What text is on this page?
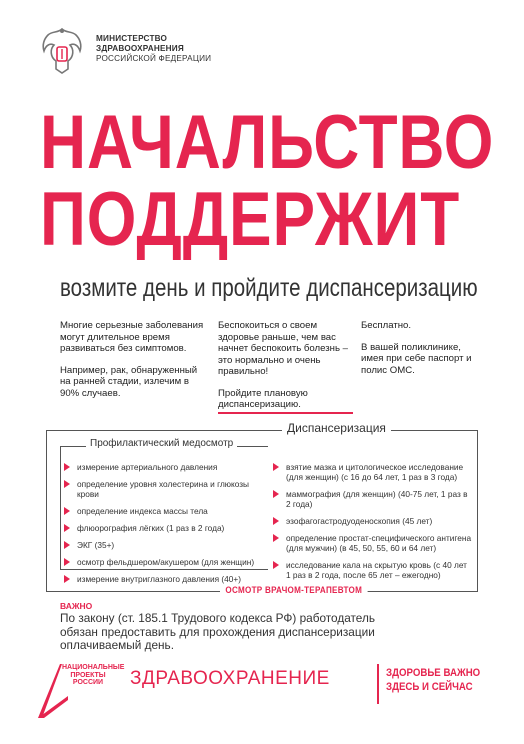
МИНИСТЕРСТВО
ЗДРАВООХРАНЕНИЯ
РОССИЙСКОЙ ФЕДЕРАЦИИ
НАЧАЛЬСТВО
ПОДДЕРЖИТ
возмите день и пройдите диспансеризацию

Многие серьезные заболевания могут длительное время развиваться без симптомов.

Например, рак, обнаруженный на ранней стадии, излечим в 90% случаев.

Беспокоиться о своем здоровье раньше, чем вас начнет беспокоить болезнь – это нормально и очень правильно!

Пройдите плановую диспансеризацию.

Бесплатно.

В вашей поликлинике, имея при себе паспорт и полис ОМС.

Диспансеризация
Профилактический медосмотр
измерение артериального давления
определение уровня холестерина и глюкозы крови
определение индекса массы тела
флюорография лёгких (1 раз в 2 года)
ЭКГ (35+)
осмотр фельдшером/акушером (для женщин)
измерение внутриглазного давления (40+)
взятие мазка и цитологическое исследование (для женщин) (с 16 до 64 лет, 1 раз в 3 года)
маммография (для женщин) (40-75 лет, 1 раз в 2 года)
эзофагогастродуоденоскопия (45 лет)
определение простат-специфического антигена (для мужчин) (в 45, 50, 55, 60 и 64 лет)
исследование кала на скрытую кровь (с 40 лет 1 раз в 2 года, после 65 лет – ежегодно)
ОСМОТР ВРАЧОМ-ТЕРАПЕВТОМ
ВАЖНО
По закону (ст. 185.1 Трудового кодекса РФ) работодатель обязан предоставить для прохождения диспансеризации оплачиваемый день.
НАЦИОНАЛЬНЫЕ
ПРОЕКТЫ
РОССИИ	ЗДРАВООХРАНЕНИЕ	ЗДОРОВЬЕ ВАЖНО
ЗДЕСЬ И СЕЙЧАС
